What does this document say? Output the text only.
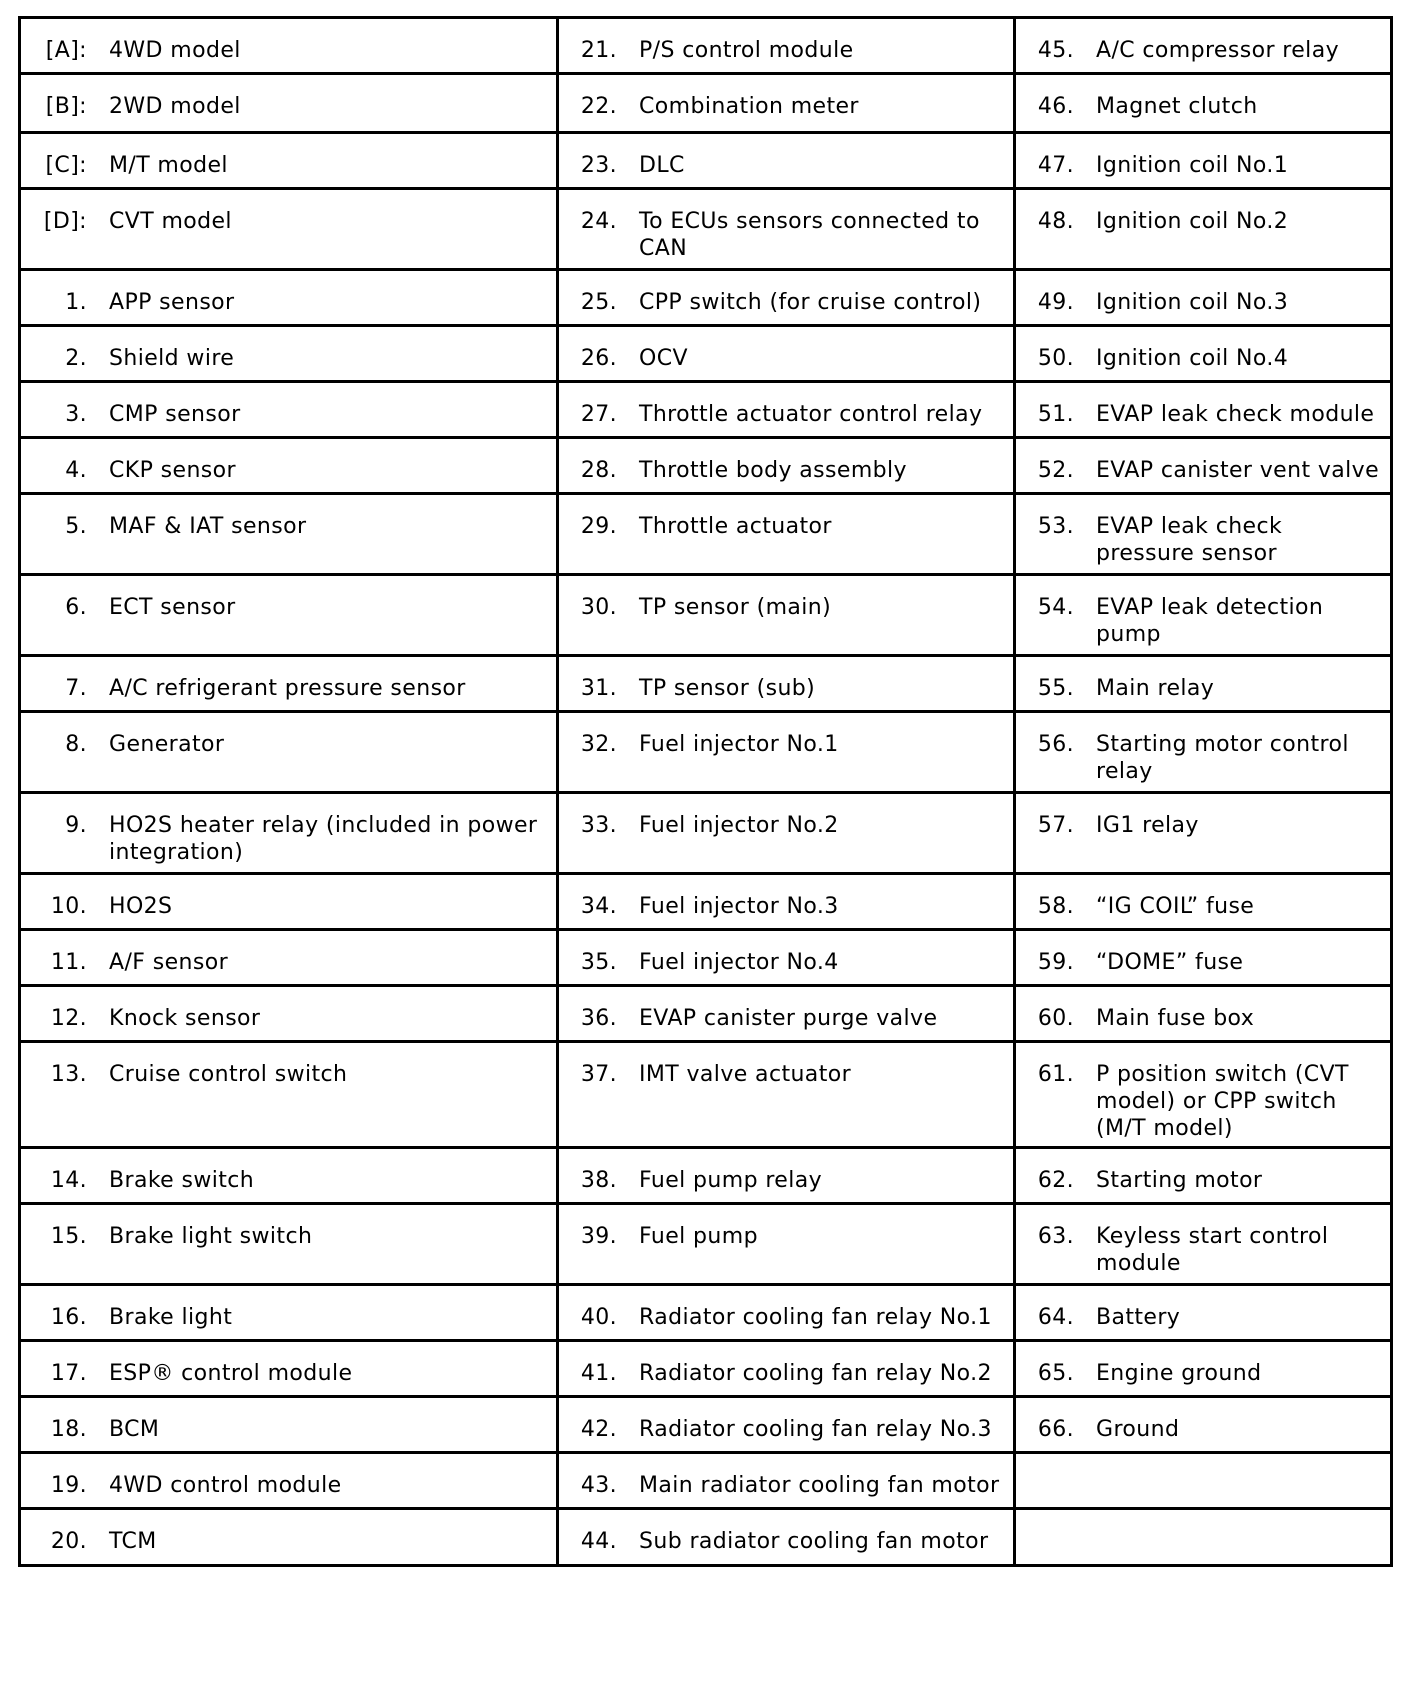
[A]: 4WD model	21. P/S control module	45. A/C compressor relay

[B]: 2WD model	22. Combination meter	46. Magnet clutch

[C]: M/T model	23. DLC	47. Ignition coil No.1

[D]: CVT model	24. To ECUs sensors connected to CAN	48. Ignition coil No.2

1. APP sensor	25. CPP switch (for cruise control)	49. Ignition coil No.3

2. Shield wire	26. OCV	50. Ignition coil No.4

3. CMP sensor	27. Throttle actuator control relay	51. EVAP leak check module

4. CKP sensor	28. Throttle body assembly	52. EVAP canister vent valve

5. MAF & IAT sensor	29. Throttle actuator	53. EVAP leak check pressure sensor

6. ECT sensor	30. TP sensor (main)	54. EVAP leak detection pump

7. A/C refrigerant pressure sensor	31. TP sensor (sub)	55. Main relay

8. Generator	32. Fuel injector No.1	56. Starting motor control relay

9. HO2S heater relay (included in power integration)	33. Fuel injector No.2	57. IG1 relay

10. HO2S	34. Fuel injector No.3	58. “IG COIL” fuse

11. A/F sensor	35. Fuel injector No.4	59. “DOME” fuse

12. Knock sensor	36. EVAP canister purge valve	60. Main fuse box

13. Cruise control switch	37. IMT valve actuator	61. P position switch (CVT model) or CPP switch (M/T model)

14. Brake switch	38. Fuel pump relay	62. Starting motor

15. Brake light switch	39. Fuel pump	63. Keyless start control module

16. Brake light	40. Radiator cooling fan relay No.1	64. Battery

17. ESP® control module	41. Radiator cooling fan relay No.2	65. Engine ground

18. BCM	42. Radiator cooling fan relay No.3	66. Ground

19. 4WD control module	43. Main radiator cooling fan motor	

20. TCM	44. Sub radiator cooling fan motor	
